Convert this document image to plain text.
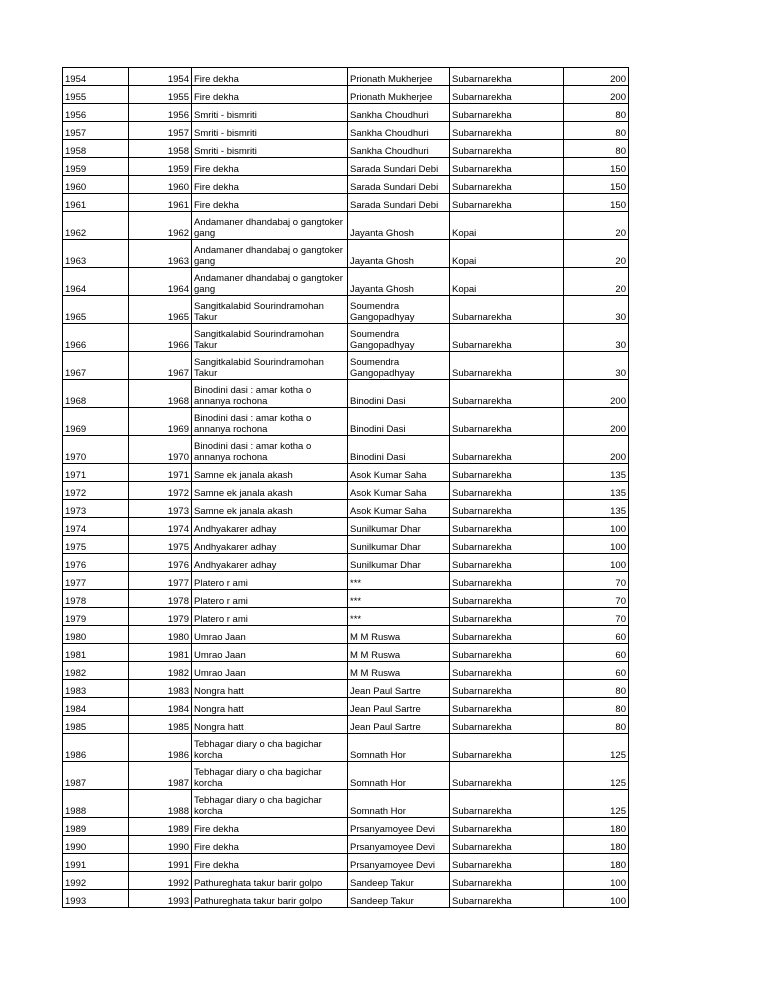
1954	1954	Fire dekha	Prionath Mukherjee	Subarnarekha	200

1955	1955	Fire dekha	Prionath Mukherjee	Subarnarekha	200

1956	1956	Smriti - bismriti	Sankha Choudhuri	Subarnarekha	80

1957	1957	Smriti - bismriti	Sankha Choudhuri	Subarnarekha	80

1958	1958	Smriti - bismriti	Sankha Choudhuri	Subarnarekha	80

1959	1959	Fire dekha	Sarada Sundari Debi	Subarnarekha	150

1960	1960	Fire dekha	Sarada Sundari Debi	Subarnarekha	150

1961	1961	Fire dekha	Sarada Sundari Debi	Subarnarekha	150

1962	1962	Andamaner dhandabaj o gangtoker gang	Jayanta Ghosh	Kopai	20

1963	1963	Andamaner dhandabaj o gangtoker gang	Jayanta Ghosh	Kopai	20

1964	1964	Andamaner dhandabaj o gangtoker gang	Jayanta Ghosh	Kopai	20

1965	1965	Sangitkalabid Sourindramohan Takur	Soumendra Gangopadhyay	Subarnarekha	30

1966	1966	Sangitkalabid Sourindramohan Takur	Soumendra Gangopadhyay	Subarnarekha	30

1967	1967	Sangitkalabid Sourindramohan Takur	Soumendra Gangopadhyay	Subarnarekha	30

1968	1968	Binodini dasi : amar kotha o annanya rochona	Binodini Dasi	Subarnarekha	200

1969	1969	Binodini dasi : amar kotha o annanya rochona	Binodini Dasi	Subarnarekha	200

1970	1970	Binodini dasi : amar kotha o annanya rochona	Binodini Dasi	Subarnarekha	200

1971	1971	Samne ek janala akash	Asok Kumar Saha	Subarnarekha	135

1972	1972	Samne ek janala akash	Asok Kumar Saha	Subarnarekha	135

1973	1973	Samne ek janala akash	Asok Kumar Saha	Subarnarekha	135

1974	1974	Andhyakarer adhay	Sunilkumar Dhar	Subarnarekha	100

1975	1975	Andhyakarer adhay	Sunilkumar Dhar	Subarnarekha	100

1976	1976	Andhyakarer adhay	Sunilkumar Dhar	Subarnarekha	100

1977	1977	Platero r ami	***	Subarnarekha	70

1978	1978	Platero r ami	***	Subarnarekha	70

1979	1979	Platero r ami	***	Subarnarekha	70

1980	1980	Umrao Jaan	M M Ruswa	Subarnarekha	60

1981	1981	Umrao Jaan	M M Ruswa	Subarnarekha	60

1982	1982	Umrao Jaan	M M Ruswa	Subarnarekha	60

1983	1983	Nongra hatt	Jean Paul Sartre	Subarnarekha	80

1984	1984	Nongra hatt	Jean Paul Sartre	Subarnarekha	80

1985	1985	Nongra hatt	Jean Paul Sartre	Subarnarekha	80

1986	1986	Tebhagar diary o cha bagichar korcha	Somnath Hor	Subarnarekha	125

1987	1987	Tebhagar diary o cha bagichar korcha	Somnath Hor	Subarnarekha	125

1988	1988	Tebhagar diary o cha bagichar korcha	Somnath Hor	Subarnarekha	125

1989	1989	Fire dekha	Prsanyamoyee Devi	Subarnarekha	180

1990	1990	Fire dekha	Prsanyamoyee Devi	Subarnarekha	180

1991	1991	Fire dekha	Prsanyamoyee Devi	Subarnarekha	180

1992	1992	Pathureghata takur barir golpo	Sandeep Takur	Subarnarekha	100

1993	1993	Pathureghata takur barir golpo	Sandeep Takur	Subarnarekha	100
